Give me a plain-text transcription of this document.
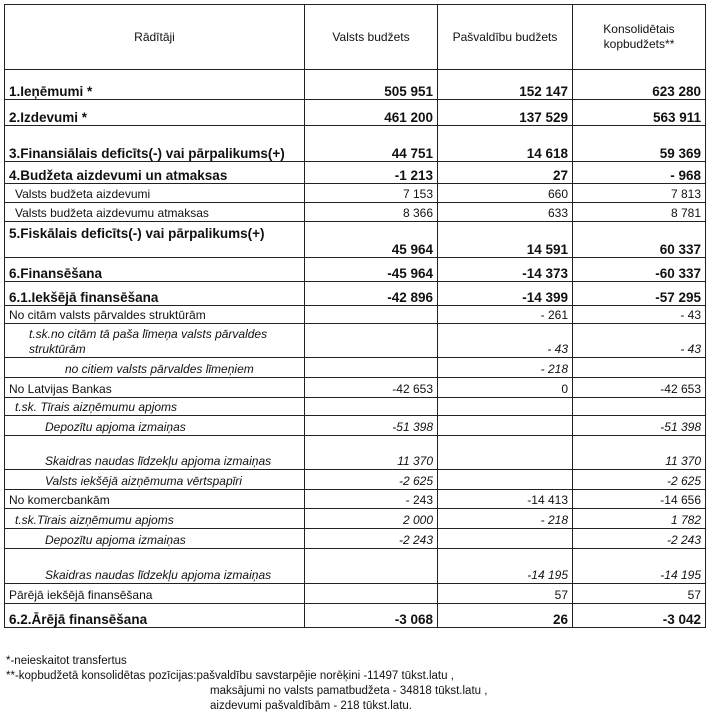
Rādītāji	Valsts budžets	Pašvaldību budžets	Konsolidētais
kopbudžets**
1.Ieņēmumi *	505 951	152 147	623 280
2.Izdevumi *	461 200	137 529	563 911
3.Finansiālais deficīts(-) vai pārpalikums(+)	44 751	14 618	59 369
4.Budžeta aizdevumi un atmaksas	-1 213	27	- 968
Valsts budžeta aizdevumi	7 153	660	7 813
Valsts budžeta aizdevumu atmaksas	8 366	633	8 781
5.Fiskālais deficīts(-) vai pārpalikums(+)	45 964	14 591	60 337
6.Finansēšana	-45 964	-14 373	-60 337
6.1.Iekšējā finansēšana	-42 896	-14 399	-57 295
No citām valsts pārvaldes struktūrām		- 261	- 43
t.sk.no citām tā paša līmeņa valsts pārvaldes struktūrām		- 43	- 43
no citiem valsts pārvaldes līmeņiem		- 218	
No Latvijas Bankas	-42 653	0	-42 653
t.sk. Tīrais aizņēmumu apjoms			
Depozītu apjoma izmaiņas	-51 398		-51 398
Skaidras naudas līdzekļu apjoma izmaiņas	11 370		11 370
Valsts iekšējā aizņēmuma vērtspapīri	-2 625		-2 625
No komercbankām	- 243	-14 413	-14 656
t.sk.Tīrais aizņēmumu apjoms	2 000	- 218	1 782
Depozītu apjoma izmaiņas	-2 243		-2 243
Skaidras naudas līdzekļu apjoma izmaiņas		-14 195	-14 195
Pārējā iekšējā finansēšana		57	57
6.2.Ārējā finansēšana	-3 068	26	-3 042
*-neieskaitot transfertus
**-kopbudžetā konsolidētas pozīcijas:pašvaldību savstarpējie norēķini -11497 tūkst.latu ,
maksājumi no valsts pamatbudžeta - 34818 tūkst.latu ,
aizdevumi pašvaldībām - 218 tūkst.latu.
